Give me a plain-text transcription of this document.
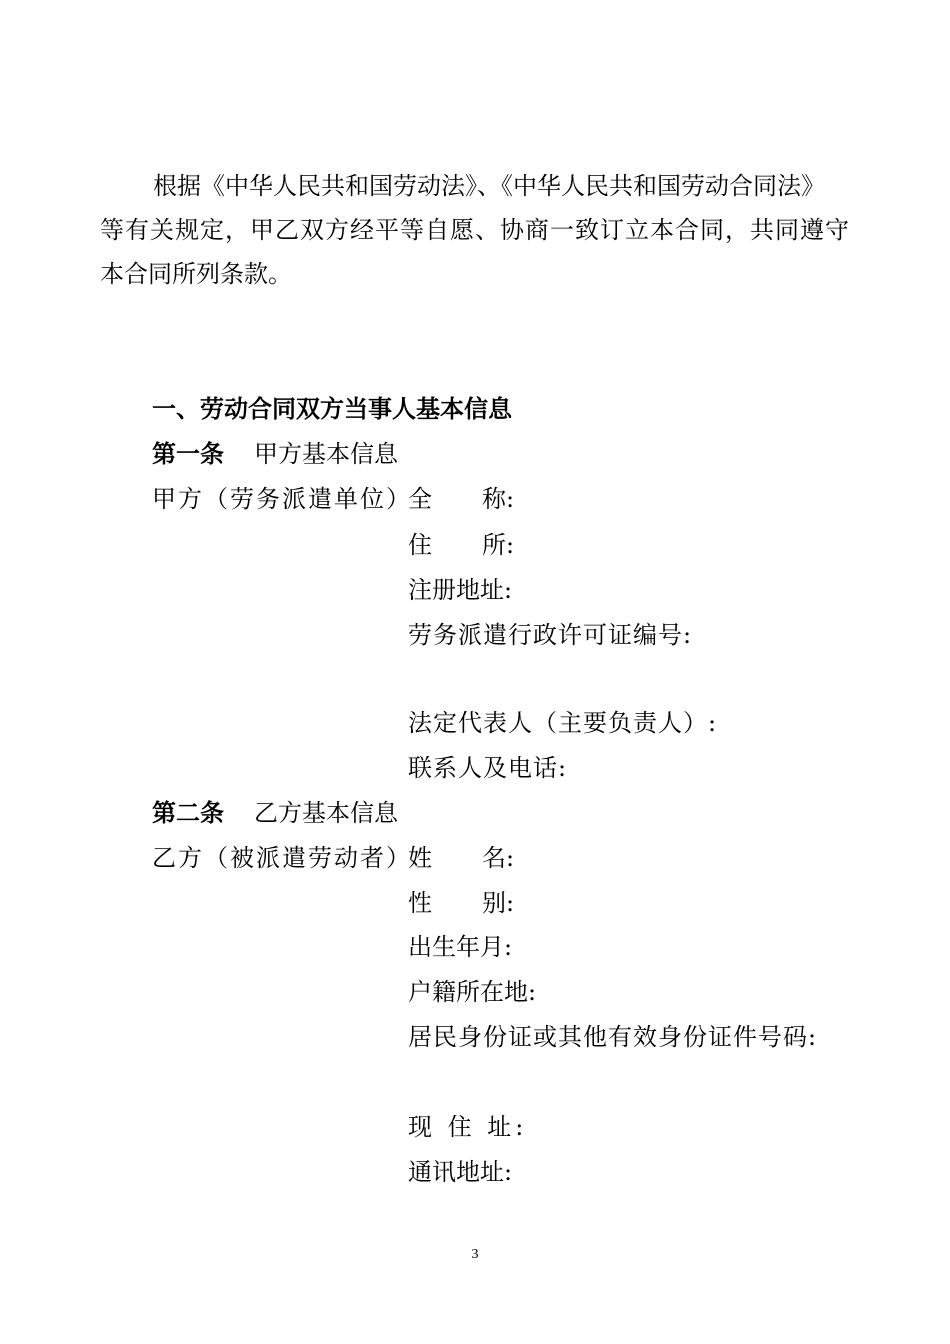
根据《中华人民共和国劳动法》、《中华人民共和国劳动合同法》
等有关规定，甲乙双方经平等自愿、协商一致订立本合同，共同遵守
本合同所列条款。
一、劳动合同双方当事人基本信息
第一条 甲方基本信息
甲方（劳务派遣单位）
全 称:
住 所:
注册地址:
劳务派遣行政许可证编号:
法定代表人（主要负责人）:
联系人及电话:
第二条 乙方基本信息
乙方（被派遣劳动者）
姓 名:
性 别:
出生年月:
户籍所在地:
居民身份证或其他有效身份证件号码:
现 住 址:
通讯地址:
3
